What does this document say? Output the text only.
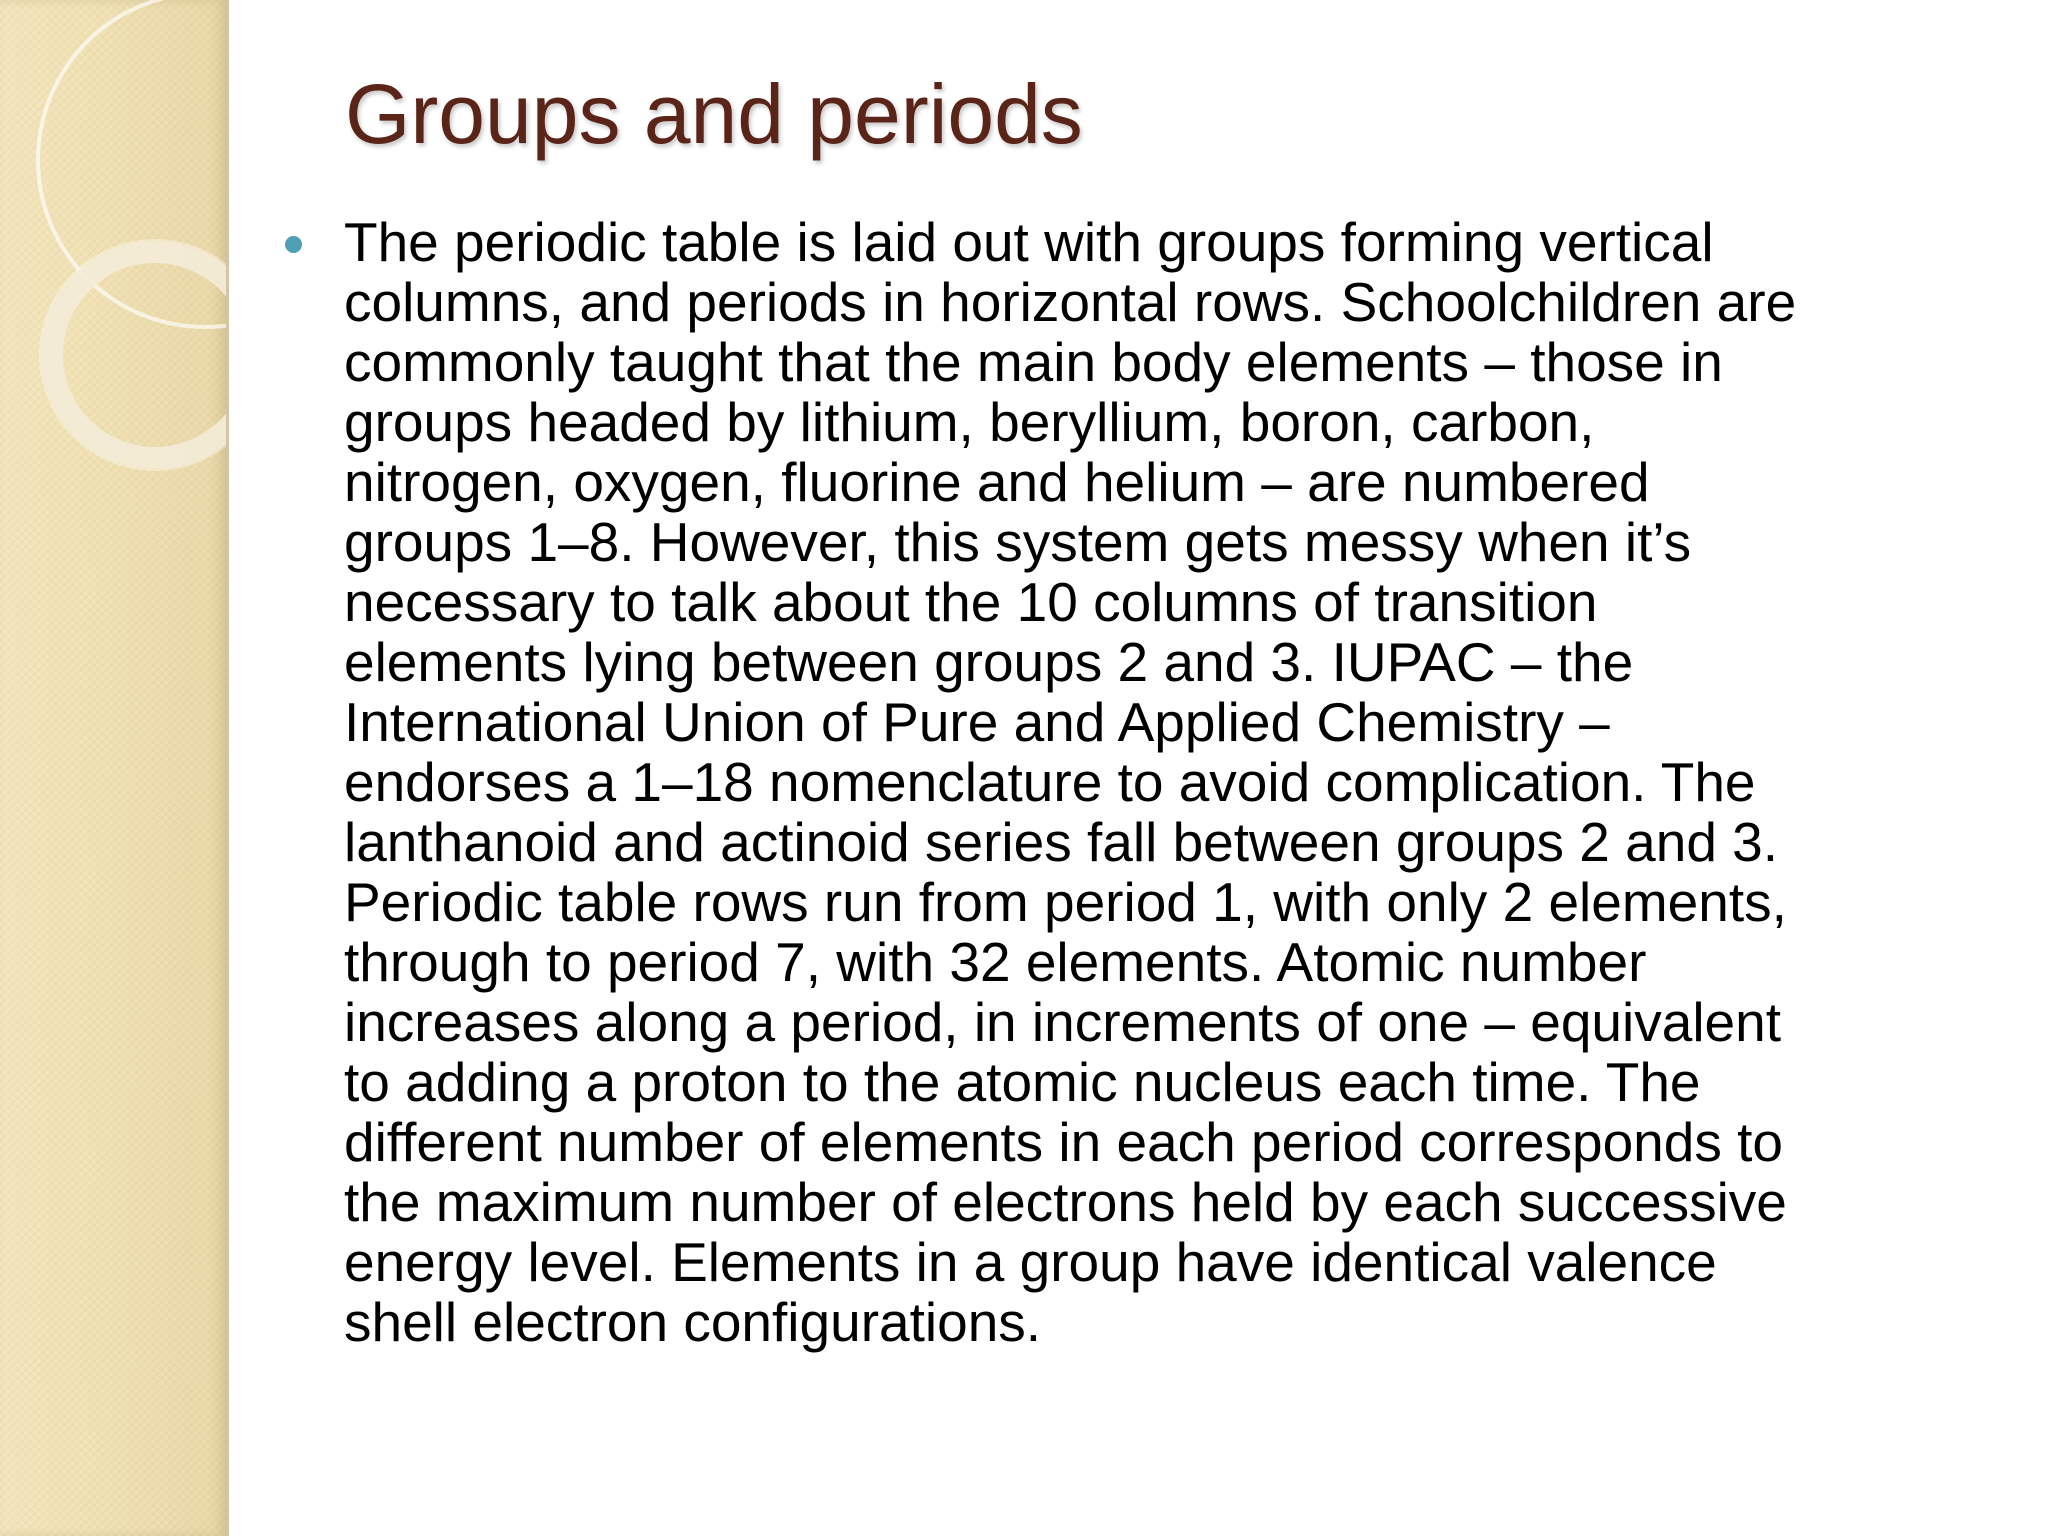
Groups and periods

The periodic table is laid out with groups forming vertical
columns, and periods in horizontal rows. Schoolchildren are
commonly taught that the main body elements – those in
groups headed by lithium, beryllium, boron, carbon,
nitrogen, oxygen, fluorine and helium – are numbered
groups 1–8. However, this system gets messy when it’s
necessary to talk about the 10 columns of transition
elements lying between groups 2 and 3. IUPAC – the
International Union of Pure and Applied Chemistry –
endorses a 1–18 nomenclature to avoid complication. The
lanthanoid and actinoid series fall between groups 2 and 3.
Periodic table rows run from period 1, with only 2 elements,
through to period 7, with 32 elements. Atomic number
increases along a period, in increments of one – equivalent
to adding a proton to the atomic nucleus each time. The
different number of elements in each period corresponds to
the maximum number of electrons held by each successive
energy level. Elements in a group have identical valence
shell electron configurations.
